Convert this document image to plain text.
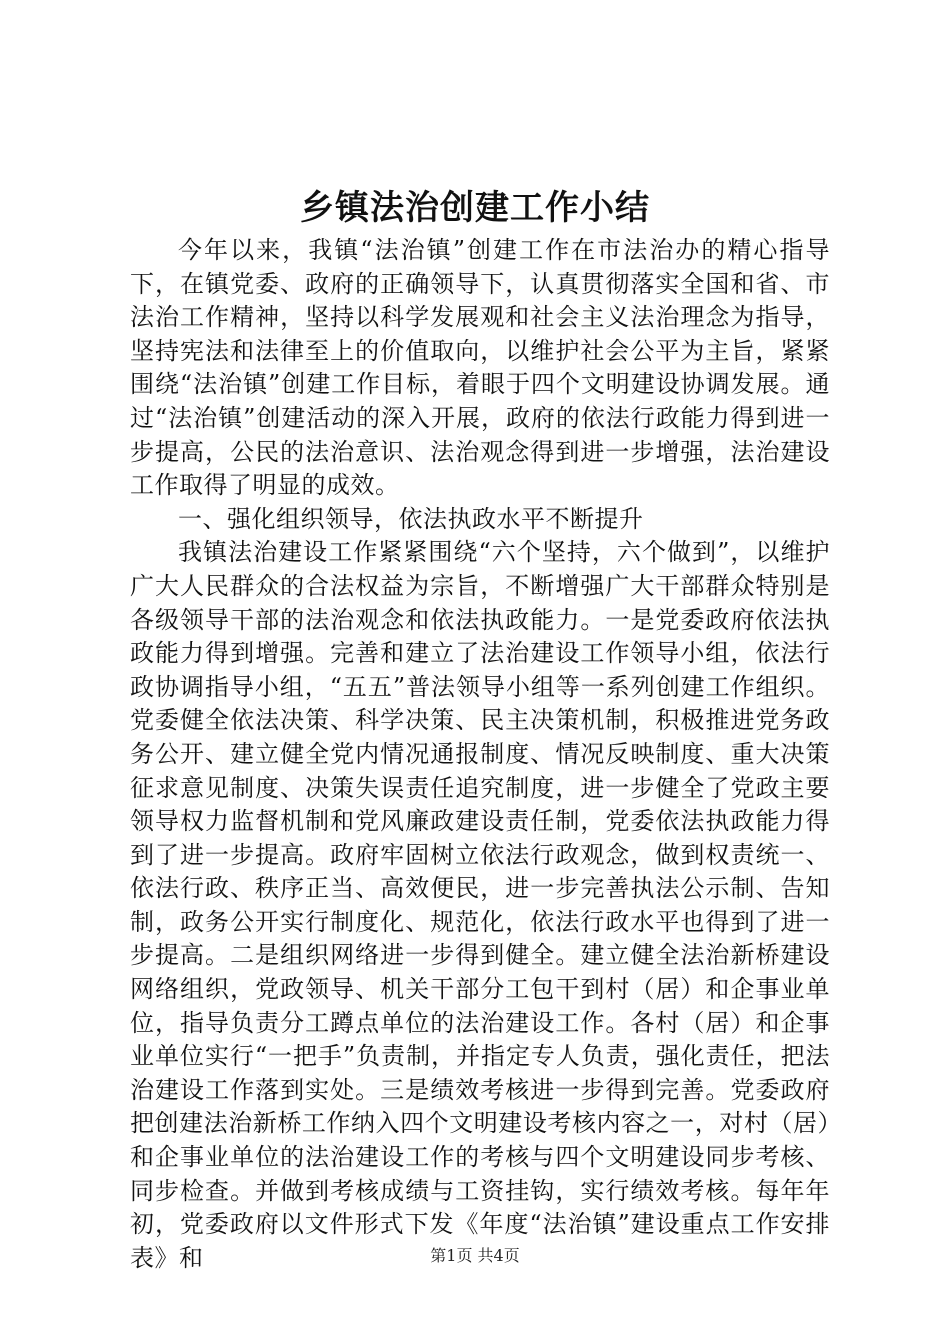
乡镇法治创建工作小结

今年以来，我镇“法治镇”创建工作在市法治办的精心指导下，在镇党委、政府的正确领导下，认真贯彻落实全国和省、市法治工作精神，坚持以科学发展观和社会主义法治理念为指导，坚持宪法和法律至上的价值取向，以维护社会公平为主旨，紧紧围绕“法治镇”创建工作目标，着眼于四个文明建设协调发展。通过“法治镇”创建活动的深入开展，政府的依法行政能力得到进一步提高，公民的法治意识、法治观念得到进一步增强，法治建设工作取得了明显的成效。

一、强化组织领导，依法执政水平不断提升

我镇法治建设工作紧紧围绕“六个坚持，六个做到”，以维护广大人民群众的合法权益为宗旨，不断增强广大干部群众特别是各级领导干部的法治观念和依法执政能力。一是党委政府依法执政能力得到增强。完善和建立了法治建设工作领导小组，依法行政协调指导小组，“五五”普法领导小组等一系列创建工作组织。党委健全依法决策、科学决策、民主决策机制，积极推进党务政务公开、建立健全党内情况通报制度、情况反映制度、重大决策征求意见制度、决策失误责任追究制度，进一步健全了党政主要领导权力监督机制和党风廉政建设责任制，党委依法执政能力得到了进一步提高。政府牢固树立依法行政观念，做到权责统一、依法行政、秩序正当、高效便民，进一步完善执法公示制、告知制，政务公开实行制度化、规范化，依法行政水平也得到了进一步提高。二是组织网络进一步得到健全。建立健全法治新桥建设网络组织，党政领导、机关干部分工包干到村（居）和企事业单位，指导负责分工蹲点单位的法治建设工作。各村（居）和企事业单位实行“一把手”负责制，并指定专人负责，强化责任，把法治建设工作落到实处。三是绩效考核进一步得到完善。党委政府把创建法治新桥工作纳入四个文明建设考核内容之一，对村（居）和企事业单位的法治建设工作的考核与四个文明建设同步考核、同步检查。并做到考核成绩与工资挂钩，实行绩效考核。每年年初，党委政府以文件形式下发《年度“法治镇”建设重点工作安排表》和	第1页 共4页
